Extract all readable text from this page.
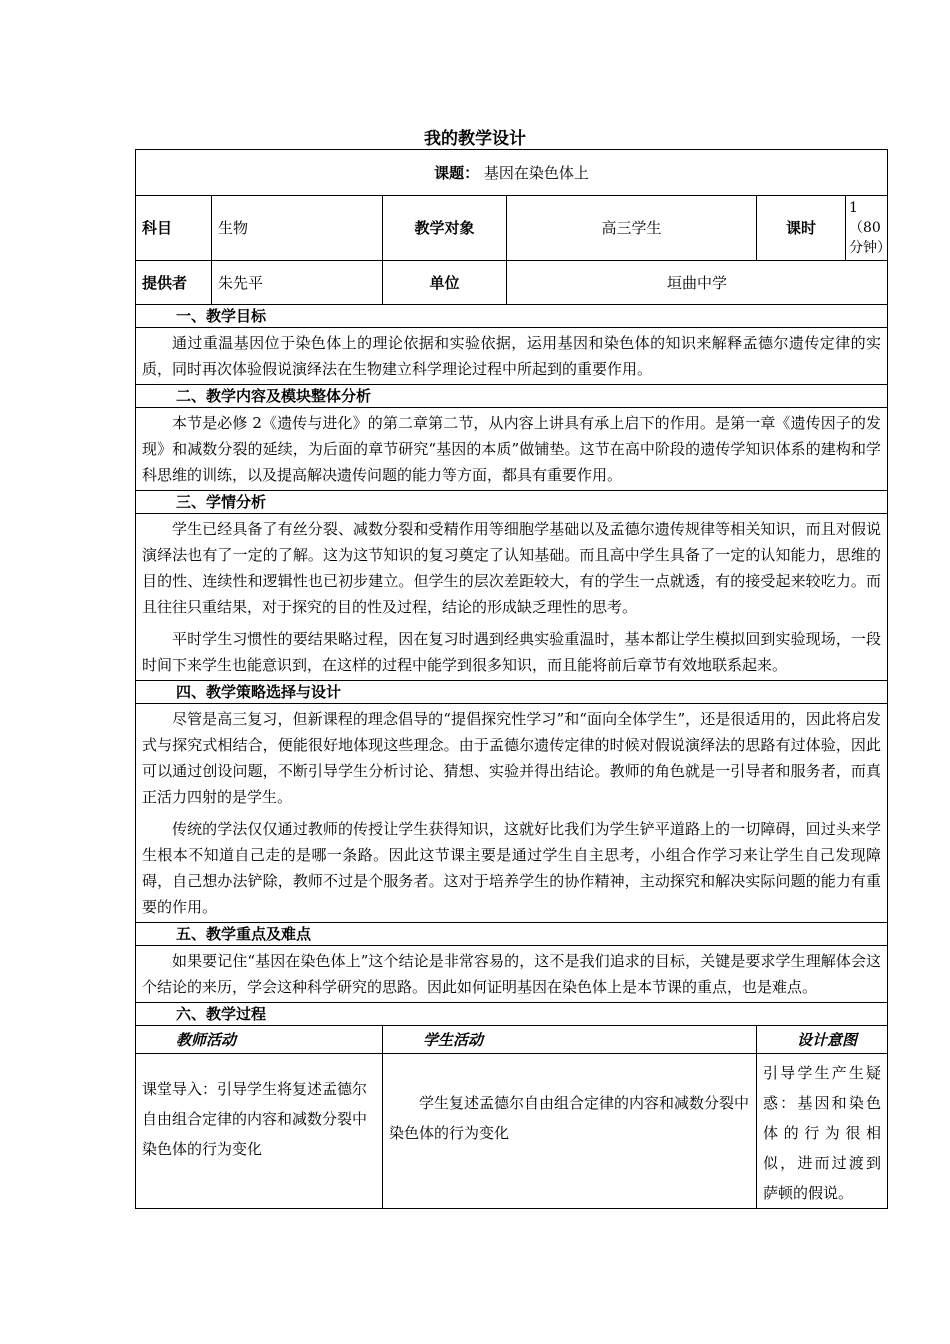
我的教学设计
课题： 基因在染色体上					
科目	生物	教学对象	高三学生	课时	1（80 分钟）
提供者	朱先平	单位	垣曲中学		
一、教学目标					

通过重温基因位于染色体上的理论依据和实验依据，运用基因和染色体的知识来解释孟德尔遗传定律的实质，同时再次体验假说演绎法在生物建立科学理论过程中所起到的重要作用。					

二、教学内容及模块整体分析					

本节是必修 2《遗传与进化》的第二章第二节，从内容上讲具有承上启下的作用。是第一章《遗传因子的发现》和减数分裂的延续，为后面的章节研究“基因的本质”做铺垫。这节在高中阶段的遗传学知识体系的建构和学科思维的训练，以及提高解决遗传问题的能力等方面，都具有重要作用。					

三、学情分析					

学生已经具备了有丝分裂、减数分裂和受精作用等细胞学基础以及孟德尔遗传规律等相关知识，而且对假说演绎法也有了一定的了解。这为这节知识的复习奠定了认知基础。而且高中学生具备了一定的认知能力，思维的目的性、连续性和逻辑性也已初步建立。但学生的层次差距较大，有的学生一点就透，有的接受起来较吃力。而且往往只重结果，对于探究的目的性及过程，结论的形成缺乏理性的思考。

平时学生习惯性的要结果略过程，因在复习时遇到经典实验重温时，基本都让学生模拟回到实验现场，一段时间下来学生也能意识到，在这样的过程中能学到很多知识，而且能将前后章节有效地联系起来。					

四、教学策略选择与设计					

尽管是高三复习，但新课程的理念倡导的“提倡探究性学习”和“面向全体学生”，还是很适用的，因此将启发式与探究式相结合，便能很好地体现这些理念。由于孟德尔遗传定律的时候对假说演绎法的思路有过体验，因此可以通过创设问题，不断引导学生分析讨论、猜想、实验并得出结论。教师的角色就是一引导者和服务者，而真正活力四射的是学生。

传统的学法仅仅通过教师的传授让学生获得知识，这就好比我们为学生铲平道路上的一切障碍，回过头来学生根本不知道自己走的是哪一条路。因此这节课主要是通过学生自主思考，小组合作学习来让学生自己发现障碍，自己想办法铲除，教师不过是个服务者。这对于培养学生的协作精神，主动探究和解决实际问题的能力有重要的作用。					

五、教学重点及难点					

如果要记住“基因在染色体上”这个结论是非常容易的，这不是我们追求的目标，关键是要求学生理解体会这个结论的来历，学会这种科学研究的思路。因此如何证明基因在染色体上是本节课的重点，也是难点。					

六、教学过程					
教师活动		学生活动		设计意图	
课堂导入：引导学生将复述孟德尔自由组合定律的内容和减数分裂中染色体的行为变化		学生复述孟德尔自由组合定律的内容和减数分裂中染色体的行为变化		引导学生产生疑惑：基因和染色体的行为很相似，进而过渡到萨顿的假说。	
